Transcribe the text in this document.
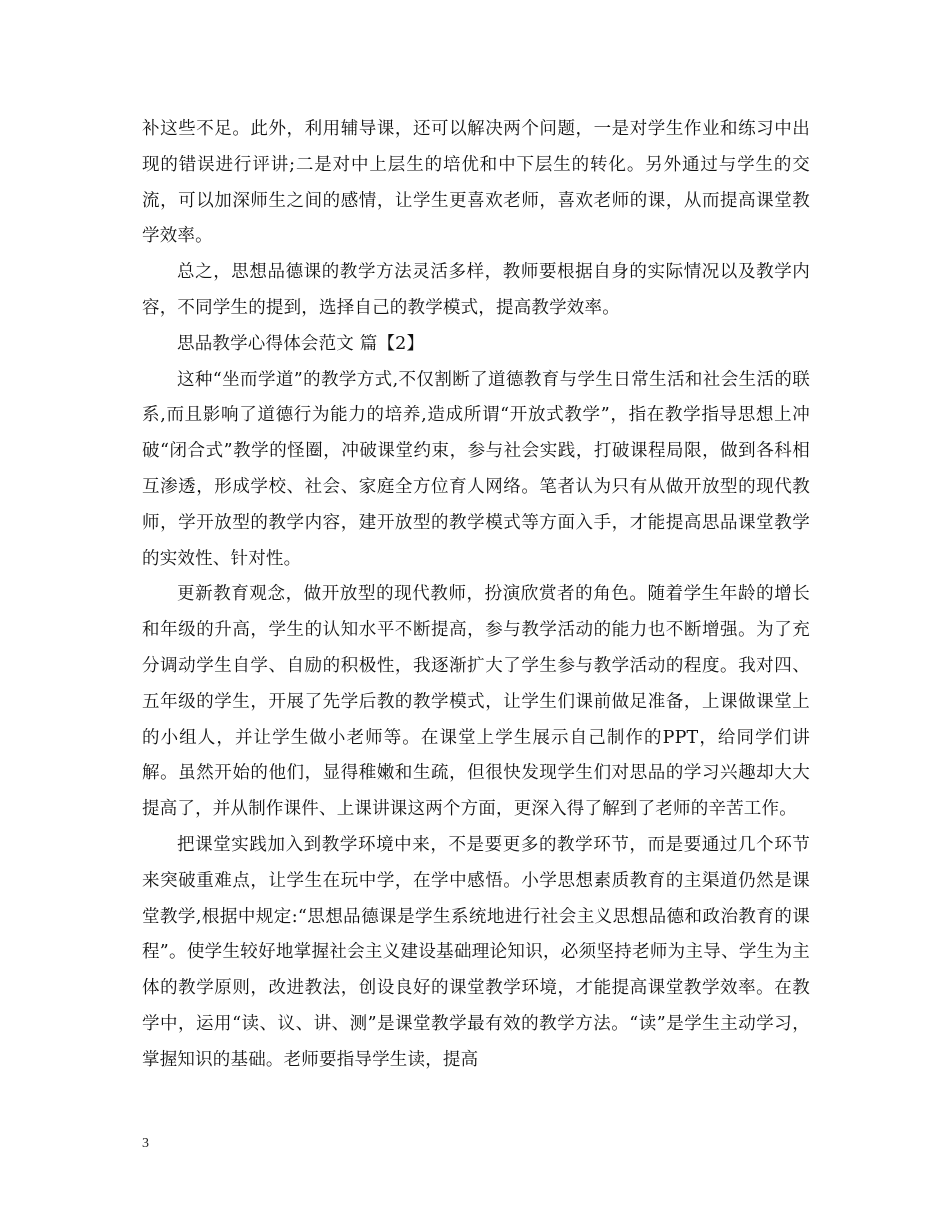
补这些不足。此外，利用辅导课，还可以解决两个问题，一是对学生作业和练习中出现的错误进行评讲;二是对中上层生的培优和中下层生的转化。另外通过与学生的交流，可以加深师生之间的感情，让学生更喜欢老师，喜欢老师的课，从而提高课堂教学效率。

总之，思想品德课的教学方法灵活多样，教师要根据自身的实际情况以及教学内容，不同学生的提到，选择自己的教学模式，提高教学效率。

思品教学心得体会范文 篇【2】

这种“坐而学道”的教学方式,不仅割断了道德教育与学生日常生活和社会生活的联系,而且影响了道德行为能力的培养,造成所谓“开放式教学”，指在教学指导思想上冲破“闭合式”教学的怪圈，冲破课堂约束，参与社会实践，打破课程局限，做到各科相互渗透，形成学校、社会、家庭全方位育人网络。笔者认为只有从做开放型的现代教师，学开放型的教学内容，建开放型的教学模式等方面入手，才能提高思品课堂教学的实效性、针对性。

更新教育观念，做开放型的现代教师，扮演欣赏者的角色。随着学生年龄的增长和年级的升高，学生的认知水平不断提高，参与教学活动的能力也不断增强。为了充分调动学生自学、自励的积极性，我逐渐扩大了学生参与教学活动的程度。我对四、五年级的学生，开展了先学后教的教学模式，让学生们课前做足准备，上课做课堂上的小组人，并让学生做小老师等。在课堂上学生展示自己制作的PPT，给同学们讲解。虽然开始的他们，显得稚嫩和生疏，但很快发现学生们对思品的学习兴趣却大大提高了，并从制作课件、上课讲课这两个方面，更深入得了解到了老师的辛苦工作。

把课堂实践加入到教学环境中来，不是要更多的教学环节，而是要通过几个环节来突破重难点，让学生在玩中学，在学中感悟。小学思想素质教育的主渠道仍然是课堂教学,根据中规定:“思想品德课是学生系统地进行社会主义思想品德和政治教育的课程”。使学生较好地掌握社会主义建设基础理论知识，必须坚持老师为主导、学生为主体的教学原则，改进教法，创设良好的课堂教学环境，才能提高课堂教学效率。在教学中，运用“读、议、讲、测”是课堂教学最有效的教学方法。“读”是学生主动学习，掌握知识的基础。老师要指导学生读，提高

3
